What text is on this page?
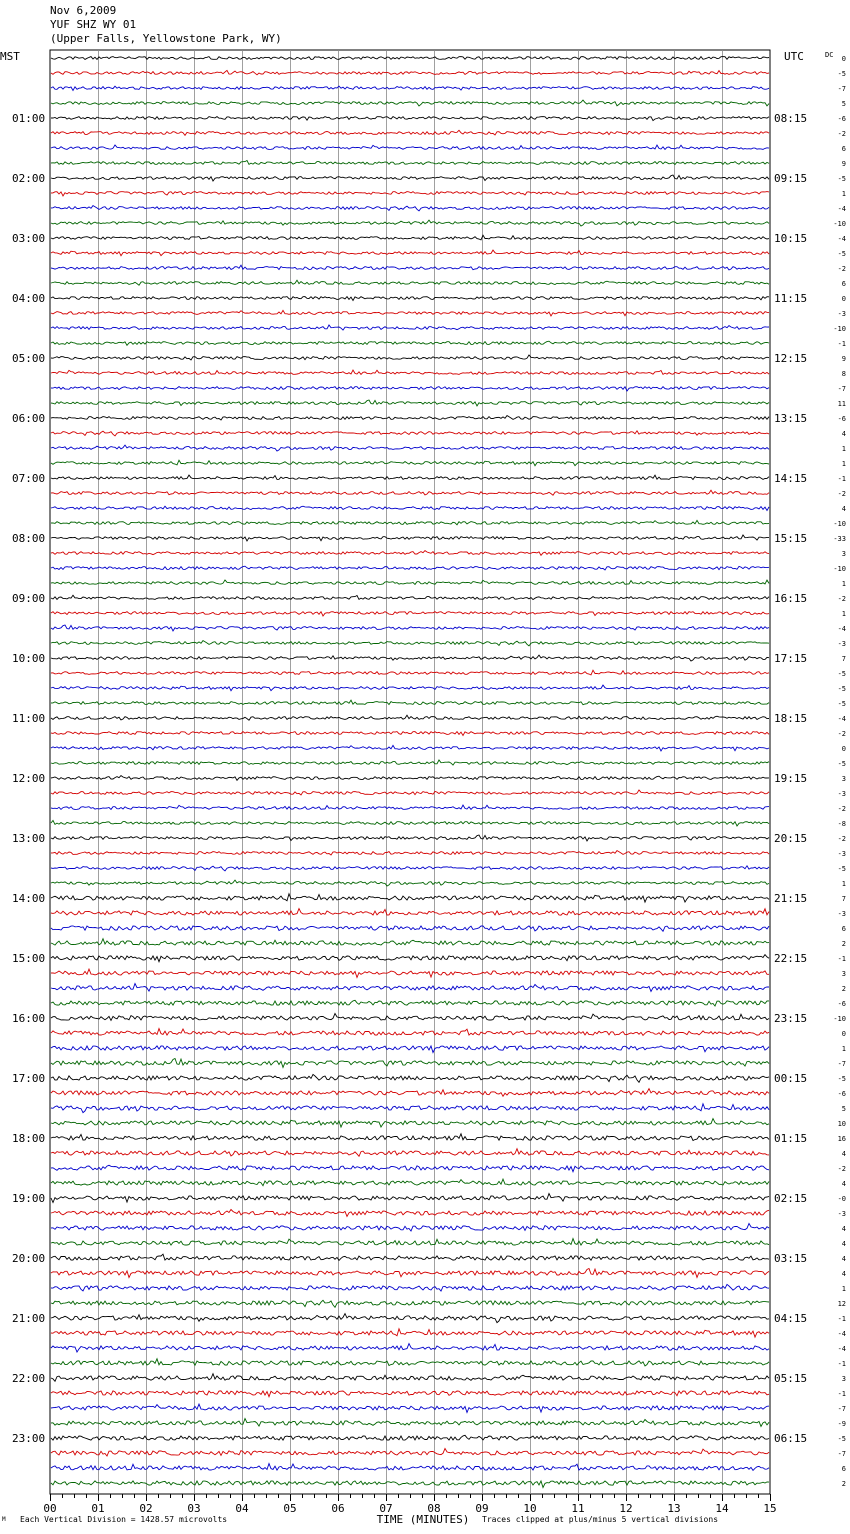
Nov 6,2009
YUF SHZ WY 01
(Upper Falls, Yellowstone Park, WY)
MST	UTC	DC
01:00
02:00
03:00
04:00
05:00
06:00
07:00
08:00
09:00
10:00
11:00
12:00
13:00
14:00
15:00
16:00
17:00
18:00
19:00
20:00
21:00
22:00
23:00
08:15
09:15
10:15
11:15
12:15
13:15
14:15
15:15
16:15
17:15
18:15
19:15
20:15
21:15
22:15
23:15
00:15
01:15
02:15
03:15
04:15
05:15
06:15
0
-5
-7
5
-6
-2
6
9
-5
1
-4
-10
-4
-5
-2
6
0
-3
-10
-1
9
8
-7
11
-6
4
1
1
-1
-2
4
-10
-33
3
-10
1
-2
1
-4
-3
7
-5
-5
-5
-4
-2
0
-5
3
-3
-2
-8
-2
-3
-5
1
7
-3
6
2
-1
3
2
-6
-10
0
1
-7
-5
-6
5
10
16
4
-2
4
-0
-3
4
4
4
4
1
12
-1
-4
-4
-1
3
-1
-7
-9
-5
-7
6
2
00	01	02	03	04	05	06	07	08	09	10	11	12	13	14	15
TIME (MINUTES)
M Each Vertical Division = 1428.57 microvolts	Traces clipped at plus/minus 5 vertical divisions
